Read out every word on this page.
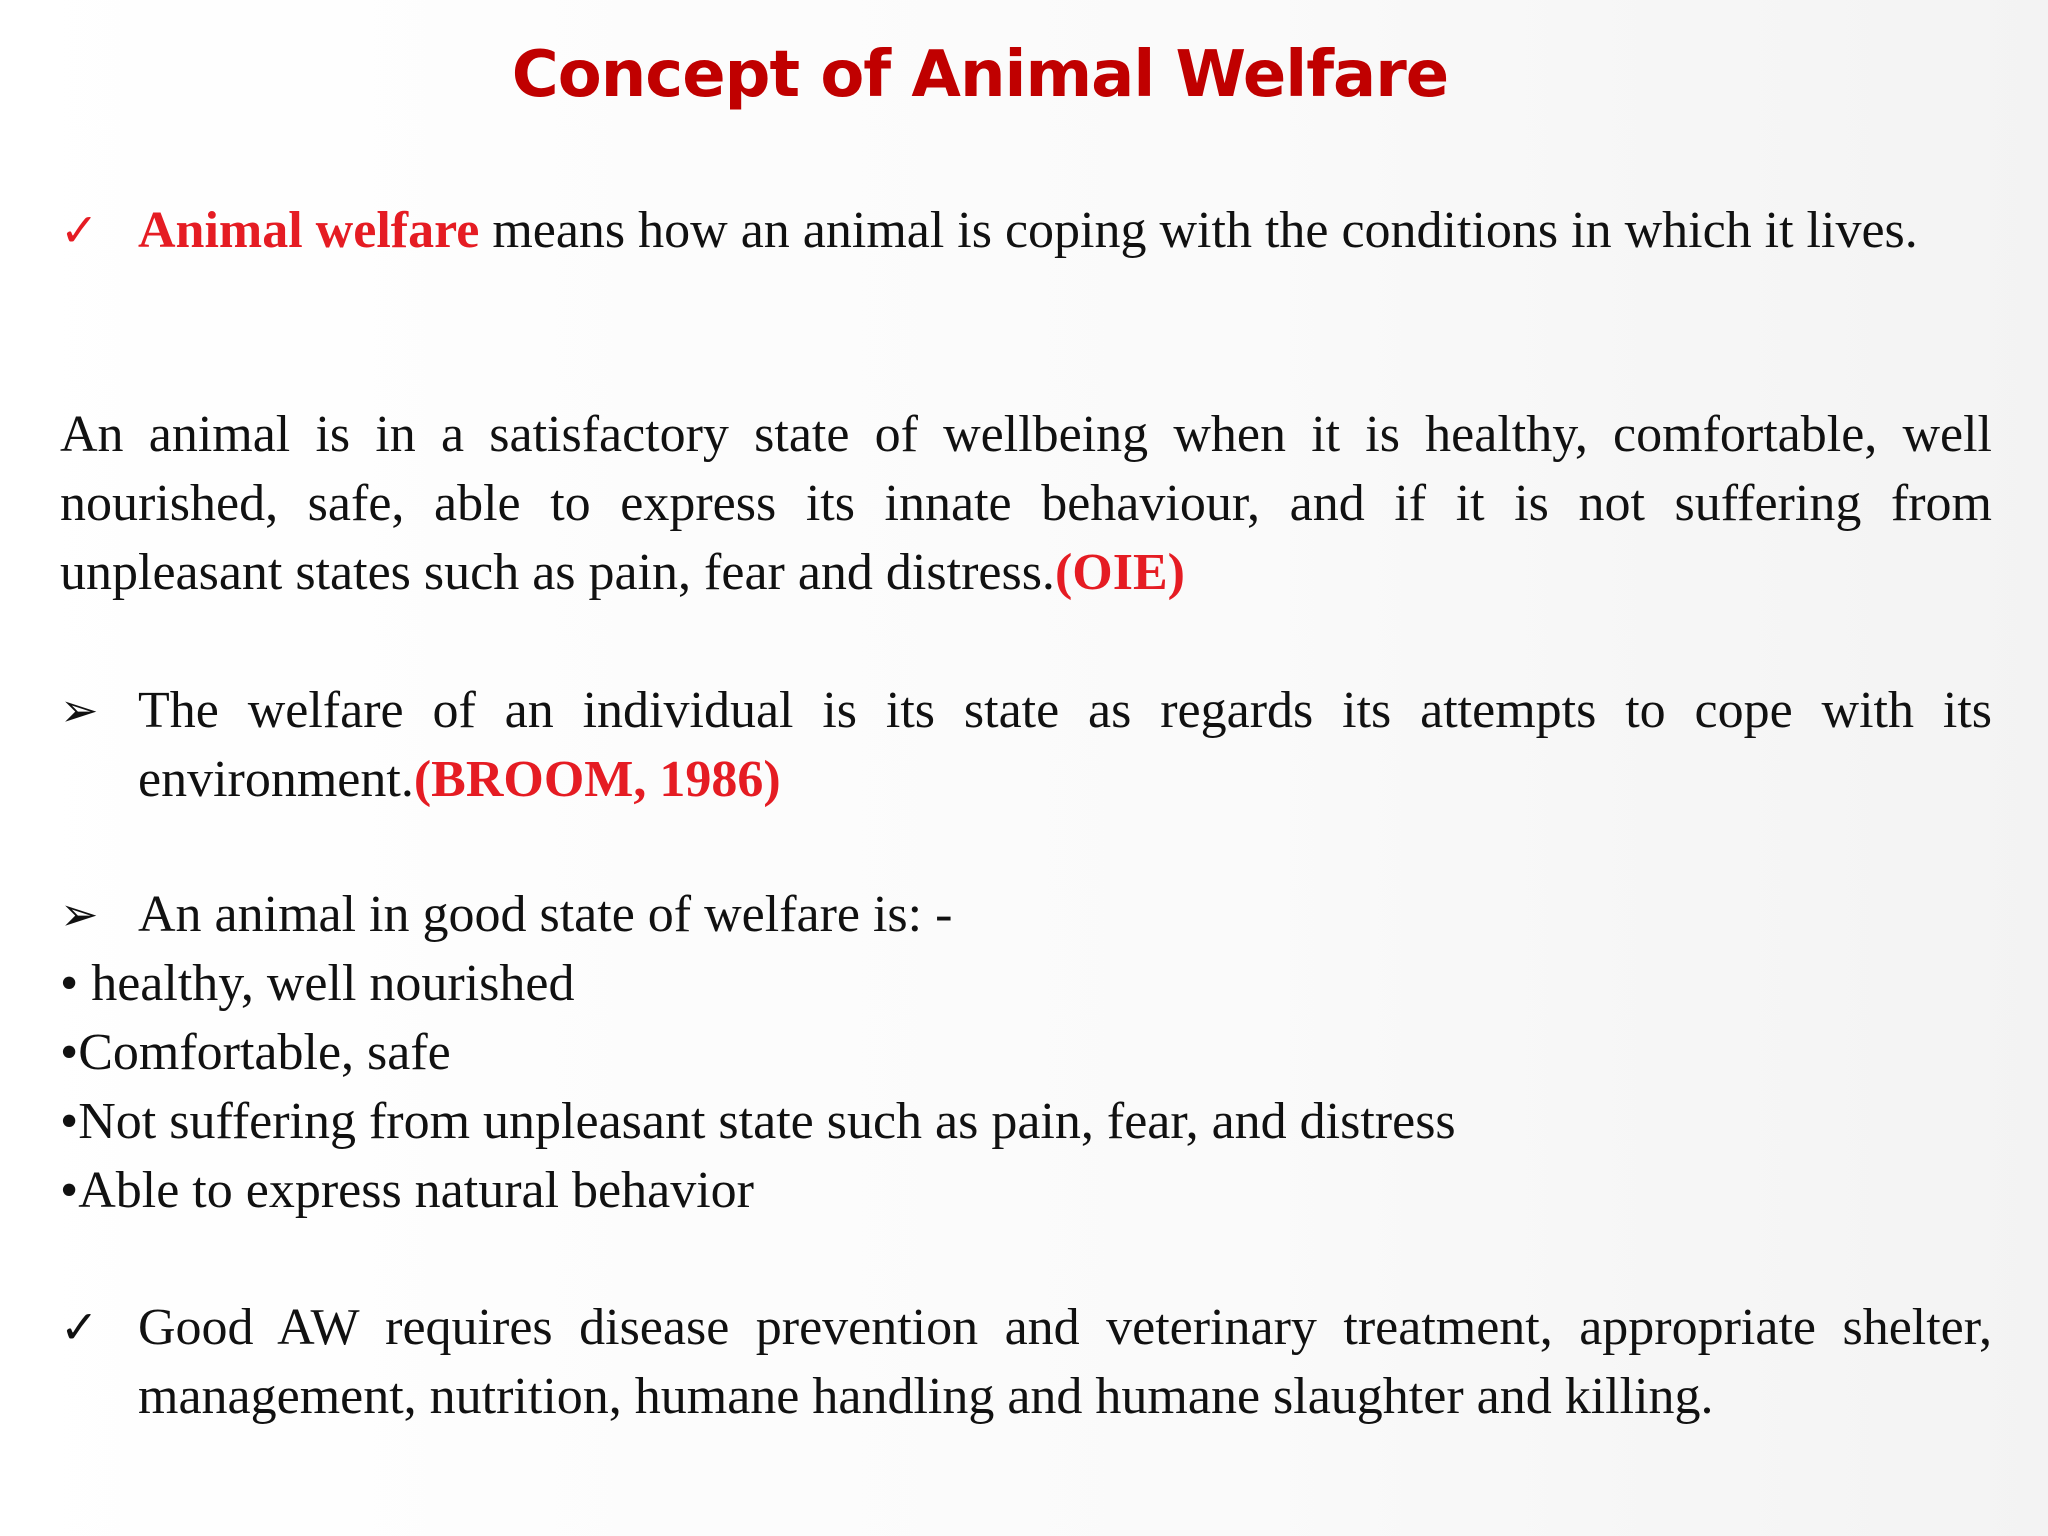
Concept of Animal Welfare
✓ Animal welfare means how an animal is coping with the conditions in which it lives.
An animal is in a satisfactory state of wellbeing when it is healthy, comfortable, well nourished, safe, able to express its innate behaviour, and if it is not suffering from unpleasant states such as pain, fear and distress.(OIE)
➢ The welfare of an individual is its state as regards its attempts to cope with its environment.(BROOM, 1986)
➢ An animal in good state of welfare is: -
• healthy, well nourished
•Comfortable, safe
•Not suffering from unpleasant state such as pain, fear, and distress
•Able to express natural behavior
✓ Good AW requires disease prevention and veterinary treatment, appropriate shelter, management, nutrition, humane handling and humane slaughter and killing.
